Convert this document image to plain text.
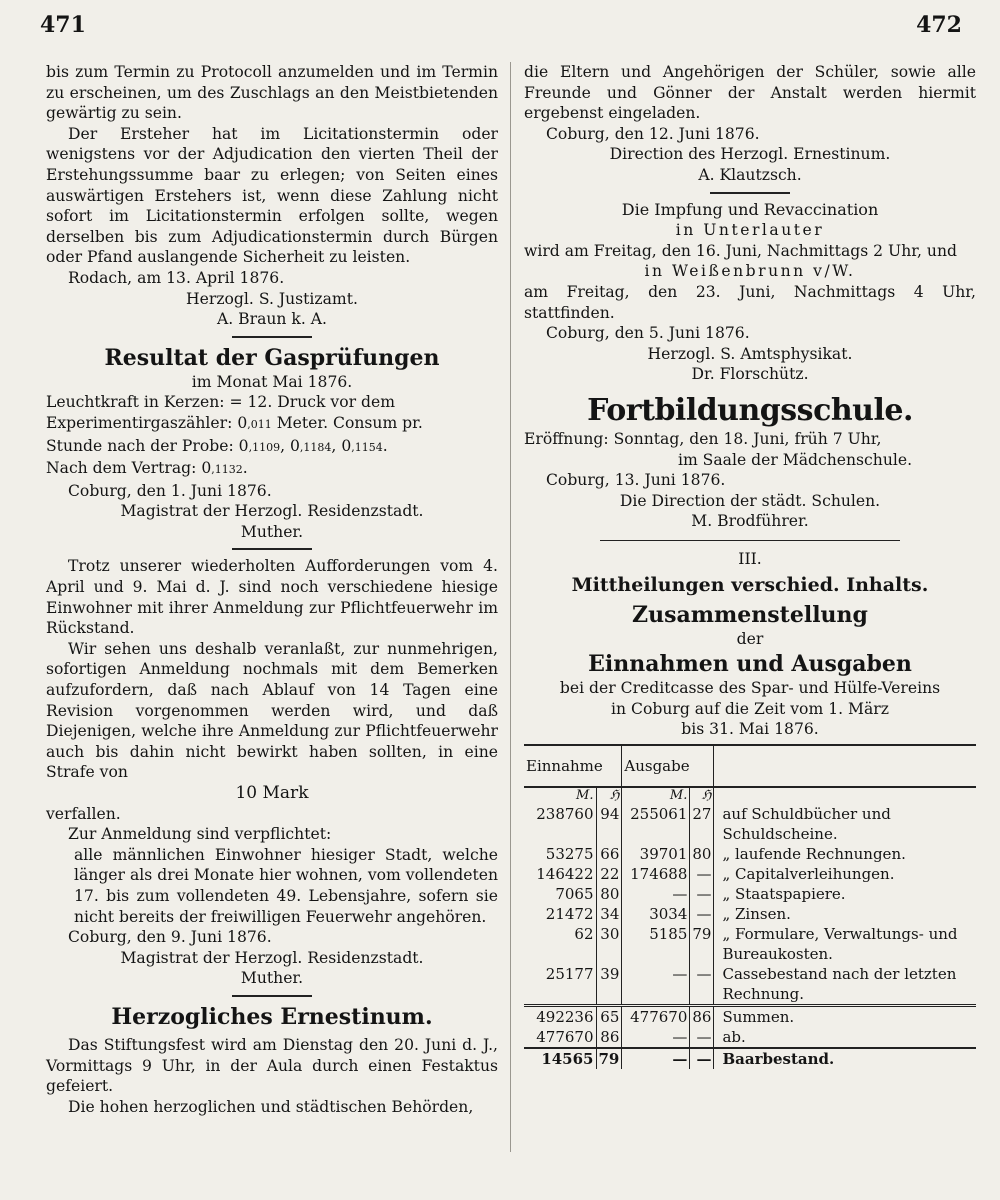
471	472

bis zum Termin zu Protocoll anzumelden und im Termin zu erscheinen, um des Zuschlags an den Meistbietenden gewärtig zu sein.

Der Ersteher hat im Licitationstermin oder wenigstens vor der Adjudication den vierten Theil der Erstehungssumme baar zu erlegen; von Seiten eines auswärtigen Erstehers ist, wenn diese Zahlung nicht sofort im Licitationstermin erfolgen sollte, wegen derselben bis zum Adjudicationstermin durch Bürgen oder Pfand auslangende Sicherheit zu leisten.

Rodach, am 13. April 1876.

Herzogl. S. Justizamt.

A. Braun k. A.

Resultat der Gasprüfungen

im Monat Mai 1876.

Leuchtkraft in Kerzen: = 12. Druck vor dem

Experimentirgaszähler: 0,011 Meter. Consum pr.

Stunde nach der Probe: 0,1109, 0,1184, 0,1154.

Nach dem Vertrag: 0,1132.

Coburg, den 1. Juni 1876.

Magistrat der Herzogl. Residenzstadt.

Muther.

Trotz unserer wiederholten Aufforderungen vom 4. April und 9. Mai d. J. sind noch verschiedene hiesige Einwohner mit ihrer Anmeldung zur Pflichtfeuerwehr im Rückstand.

Wir sehen uns deshalb veranlaßt, zur nunmehrigen, sofortigen Anmeldung nochmals mit dem Bemerken aufzufordern, daß nach Ablauf von 14 Tagen eine Revision vorgenommen werden wird, und daß Diejenigen, welche ihre Anmeldung zur Pflichtfeuerwehr auch bis dahin nicht bewirkt haben sollten, in eine Strafe von

10 Mark

verfallen.

Zur Anmeldung sind verpflichtet:

alle männlichen Einwohner hiesiger Stadt, welche länger als drei Monate hier wohnen, vom vollendeten 17. bis zum vollendeten 49. Lebensjahre, sofern sie nicht bereits der freiwilligen Feuerwehr angehören.

Coburg, den 9. Juni 1876.

Magistrat der Herzogl. Residenzstadt.

Muther.

Herzogliches Ernestinum.

Das Stiftungsfest wird am Dienstag den 20. Juni d. J., Vormittags 9 Uhr, in der Aula durch einen Festaktus gefeiert.

Die hohen herzoglichen und städtischen Behörden,

die Eltern und Angehörigen der Schüler, sowie alle Freunde und Gönner der Anstalt werden hiermit ergebenst eingeladen.

Coburg, den 12. Juni 1876.

Direction des Herzogl. Ernestinum.

A. Klautzsch.

Die Impfung und Revaccination

in Unterlauter

wird am Freitag, den 16. Juni, Nachmittags 2 Uhr, und

in Weißenbrunn v/W.

am Freitag, den 23. Juni, Nachmittags 4 Uhr, stattfinden.

Coburg, den 5. Juni 1876.

Herzogl. S. Amtsphysikat.

Dr. Florschütz.

Fortbildungsschule.

Eröffnung: Sonntag, den 18. Juni, früh 7 Uhr,

im Saale der Mädchenschule.

Coburg, 13. Juni 1876.

Die Direction der städt. Schulen.

M. Brodführer.

III.

Mittheilungen verschied. Inhalts.
Zusammenstellung

der

Einnahmen und Ausgaben

bei der Creditcasse des Spar- und Hülfe-Vereins

in Coburg auf die Zeit vom 1. März

bis 31. Mai 1876.

Einnahme		Ausgabe		
M.	ℌ	M.	ℌ	
238760	94	255061	27	auf Schuldbücher und Schuldscheine.
53275	66	39701	80	„ laufende Rechnungen.
146422	22	174688	—	„ Capitalverleihungen.
7065	80	—	—	„ Staatspapiere.
21472	34	3034	—	„ Zinsen.
62	30	5185	79	„ Formulare, Verwaltungs- und Bureaukosten.
25177	39	—	—	Cassebestand nach der letzten Rechnung.
492236	65	477670	86	Summen.
477670	86	—	—	ab.
14565	79	—	—	Baarbestand.
